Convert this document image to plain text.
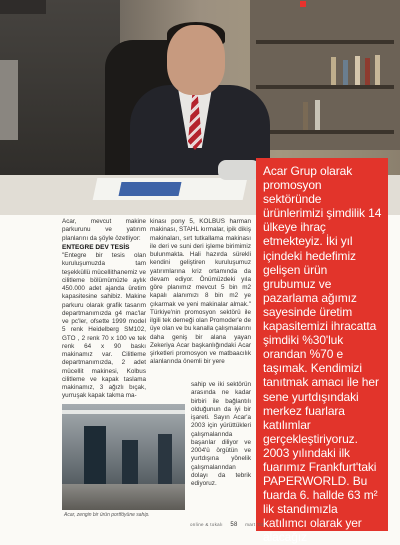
Acar, mevcut makine parkurunu ve yatırım planlarını da şöyle özetliyor:

ENTEGRE DEV TESİS

"Entegre bir tesis olan kuruluşumuzda tam teşekküllü mücellithanemiz ve cilitleme bölümümüzle aylık 450.000 adet ajanda üretim kapasitesine sahibiz. Makine parkuru olarak grafik tasarım departmanımızda g4 mac'lar ve pc'ler, ofsette 1999 model 5 renk Heidelberg SM102, GTO , 2 renk 70 x 100 ve tek renk 64 x 90 baskı makinamız var. Cilitleme departmanımızda, 2 adet mücellit makinesi, Kolbus cilitleme ve kapak taslama makinamız, 3 ağızlı bıçak, yurruşak kapak takma ma-

kinası pony 5, KOLBUS harman makinası, STAHL kırmalar, ipik dikiş makinaları, sırt tutkallama makinası ile deri ve suni deri işleme birimimiz bulunmakta. Hali hazırda sürekli kendini geliştiren kuruluşumuz yatırımlarına kriz ortamında da devam ediyor. Önümüzdeki yıla göre planımız mevcut 5 bin m2 kapalı alanımızı 8 bin m2 ye çıkarmak ve yeni makinalar almak." Türkiye'nin promosyon sektörü ile ilgili tek derneği olan Promoder'e de üye olan ve bu kanalla çalışmalarını daha geniş bir alana yayan Zekeriya Acar başkanlığındaki Acar şirketleri promosyon ve matbaacılık alanlarında önemli bir yere

sahip ve iki sektörün arasında ne kadar birbiri ile bağlantılı olduğunun da iyi bir işareti. Sayın Acar'a 2003 için yürüttükleri çalışmalarında başarılar diliyor ve 2004'ü örgütün ve yurtdışına yönelik çalışmalarından dolayı da tebrik ediyoruz.

Acar, zengin bir ürün portföyüne sahip.

Acar Grup olarak promosyon sektöründe ürünlerimizi şimdilik 14 ülkeye ihraç etmekteyiz. İki yıl içindeki hedefimiz gelişen ürün grubumuz ve pazarlama ağımız sayesinde üretim kapasitemizi ihracatta şimdiki %30'luk orandan %70 e taşımak. Kendimizi tanıtmak amacı ile her sene yurtdışındaki merkez fuarlara katılımlar gerçekleştiriyoruz. 2003 yılındaki ilk fuarımız Frankfurt'taki PAPERWORLD. Bu fuarda 6. hallde 63 m² lik standımızla katılımcı olarak yer alacağız

online & tokalı 58 mart '03
